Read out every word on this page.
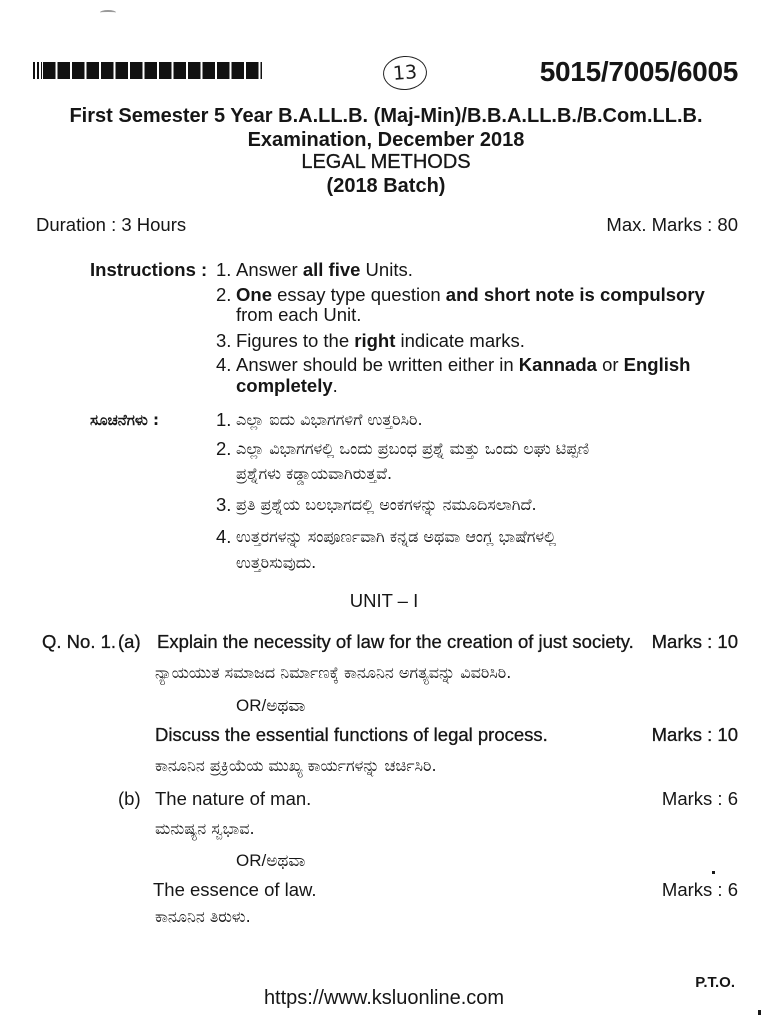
13	5015/7005/6005
First Semester 5 Year B.A.LL.B. (Maj-Min)/B.B.A.LL.B./B.Com.LL.B.
Examination, December 2018
LEGAL METHODS
(2018 Batch)
Duration : 3 Hours	Max. Marks : 80
Instructions : 1. Answer all five Units.
2. One essay type question and short note is compulsory
from each Unit.
3. Figures to the right indicate marks.
4. Answer should be written either in Kannada or English
completely.
ಸೂಚನೆಗಳು :	1. ಎಲ್ಲಾ ಐದು ವಿಭಾಗಗಳಿಗೆ ಉತ್ತರಿಸಿರಿ.
2. ಎಲ್ಲಾ ವಿಭಾಗಗಳಲ್ಲಿ ಒಂದು ಪ್ರಬಂಧ ಪ್ರಶ್ನೆ ಮತ್ತು ಒಂದು ಲಘು ಟಿಪ್ಪಣಿ
ಪ್ರಶ್ನೆಗಳು ಕಡ್ಡಾಯವಾಗಿರುತ್ತವೆ.
3. ಪ್ರತಿ ಪ್ರಶ್ನೆಯ ಬಲಭಾಗದಲ್ಲಿ ಅಂಕಗಳನ್ನು ನಮೂದಿಸಲಾಗಿದೆ.
4. ಉತ್ತರಗಳನ್ನು ಸಂಪೂರ್ಣವಾಗಿ ಕನ್ನಡ ಅಥವಾ ಆಂಗ್ಲ ಭಾಷೆಗಳಲ್ಲಿ
ಉತ್ತರಿಸುವುದು.
UNIT – I
Q. No. 1. (a) Explain the necessity of law for the creation of just society. Marks : 10
ನ್ಯಾಯಯುತ ಸಮಾಜದ ನಿರ್ಮಾಣಕ್ಕೆ ಕಾನೂನಿನ ಅಗತ್ಯವನ್ನು ವಿವರಿಸಿರಿ.
OR/ಅಥವಾ
Discuss the essential functions of legal process.	Marks : 10
ಕಾನೂನಿನ ಪ್ರಕ್ರಿಯೆಯ ಮುಖ್ಯ ಕಾರ್ಯಗಳನ್ನು ಚರ್ಚಿಸಿರಿ.
(b) The nature of man.	Marks : 6
ಮನುಷ್ಯನ ಸ್ವಭಾವ.
OR/ಅಥವಾ
The essence of law.	Marks : 6
ಕಾನೂನಿನ ತಿರುಳು.
P.T.O.
https://www.ksluonline.com
